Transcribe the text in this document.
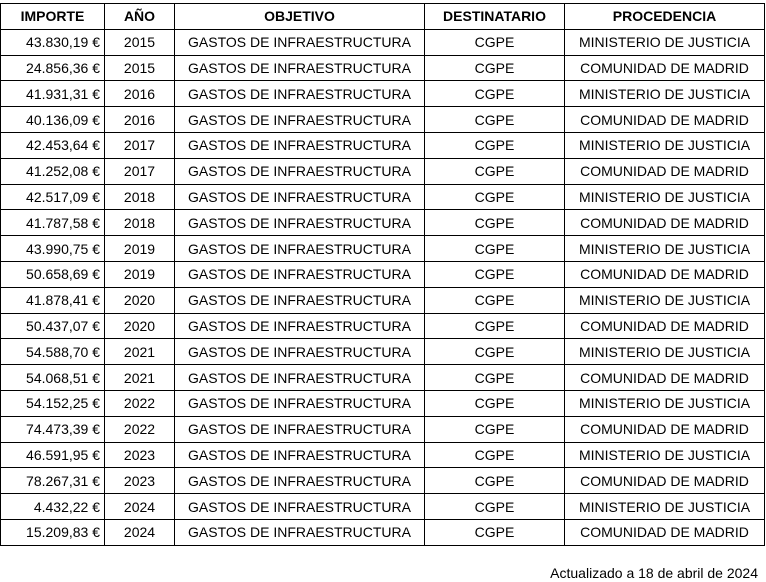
IMPORTE	AÑO	OBJETIVO	DESTINATARIO	PROCEDENCIA
43.830,19 €	2015	GASTOS DE INFRAESTRUCTURA	CGPE	MINISTERIO DE JUSTICIA
24.856,36 €	2015	GASTOS DE INFRAESTRUCTURA	CGPE	COMUNIDAD DE MADRID
41.931,31 €	2016	GASTOS DE INFRAESTRUCTURA	CGPE	MINISTERIO DE JUSTICIA
40.136,09 €	2016	GASTOS DE INFRAESTRUCTURA	CGPE	COMUNIDAD DE MADRID
42.453,64 €	2017	GASTOS DE INFRAESTRUCTURA	CGPE	MINISTERIO DE JUSTICIA
41.252,08 €	2017	GASTOS DE INFRAESTRUCTURA	CGPE	COMUNIDAD DE MADRID
42.517,09 €	2018	GASTOS DE INFRAESTRUCTURA	CGPE	MINISTERIO DE JUSTICIA
41.787,58 €	2018	GASTOS DE INFRAESTRUCTURA	CGPE	COMUNIDAD DE MADRID
43.990,75 €	2019	GASTOS DE INFRAESTRUCTURA	CGPE	MINISTERIO DE JUSTICIA
50.658,69 €	2019	GASTOS DE INFRAESTRUCTURA	CGPE	COMUNIDAD DE MADRID
41.878,41 €	2020	GASTOS DE INFRAESTRUCTURA	CGPE	MINISTERIO DE JUSTICIA
50.437,07 €	2020	GASTOS DE INFRAESTRUCTURA	CGPE	COMUNIDAD DE MADRID
54.588,70 €	2021	GASTOS DE INFRAESTRUCTURA	CGPE	MINISTERIO DE JUSTICIA
54.068,51 €	2021	GASTOS DE INFRAESTRUCTURA	CGPE	COMUNIDAD DE MADRID
54.152,25 €	2022	GASTOS DE INFRAESTRUCTURA	CGPE	MINISTERIO DE JUSTICIA
74.473,39 €	2022	GASTOS DE INFRAESTRUCTURA	CGPE	COMUNIDAD DE MADRID
46.591,95 €	2023	GASTOS DE INFRAESTRUCTURA	CGPE	MINISTERIO DE JUSTICIA
78.267,31 €	2023	GASTOS DE INFRAESTRUCTURA	CGPE	COMUNIDAD DE MADRID
4.432,22 €	2024	GASTOS DE INFRAESTRUCTURA	CGPE	MINISTERIO DE JUSTICIA
15.209,83 €	2024	GASTOS DE INFRAESTRUCTURA	CGPE	COMUNIDAD DE MADRID
Actualizado a 18 de abril de 2024
